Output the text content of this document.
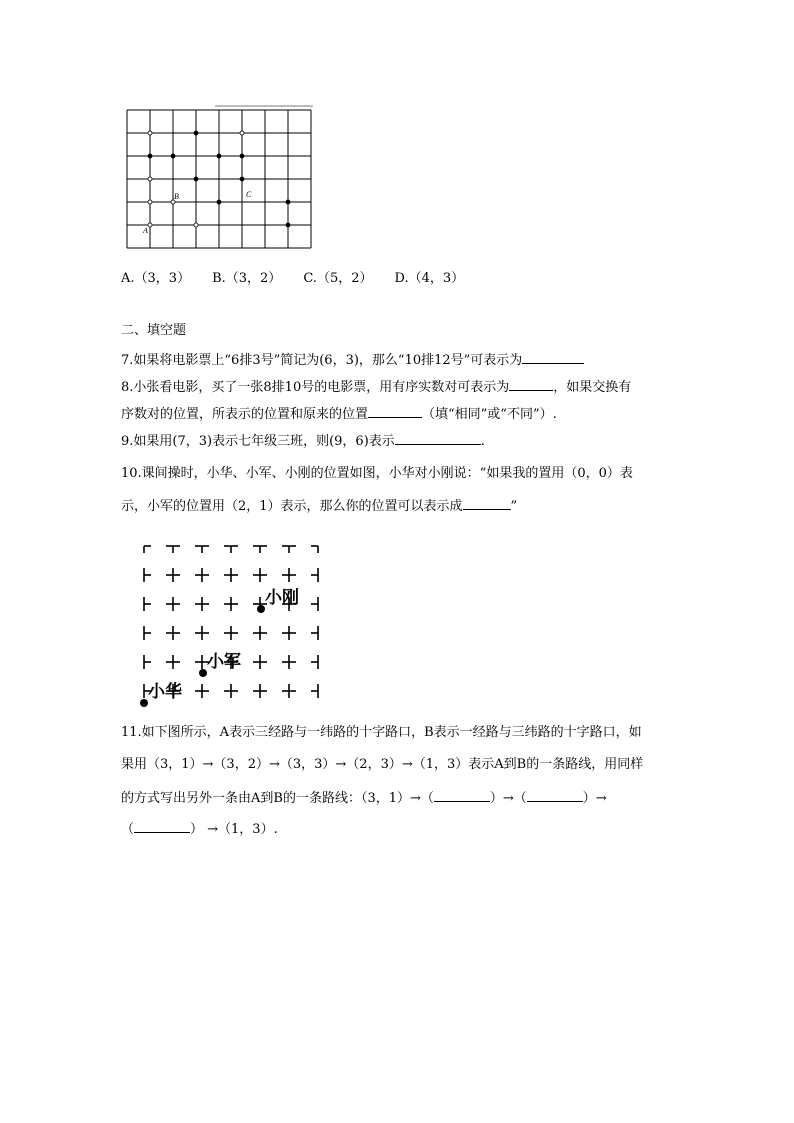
A
B	C
A.（3，3） B.（3，2） C.（5，2） D.（4，3）
二、填空题
7.如果将电影票上“6排3号”简记为(6，3)，那么“10排12号”可表示为
8.小张看电影，买了一张8排10号的电影票，用有序实数对可表示为	，如果交换有
序数对的位置，所表示的位置和原来的位置	（填“相同”或“不同”）.
9.如果用(7，3)表示七年级三班，则(9，6)表示	.
10.课间操时，小华、小军、小刚的位置如图，小华对小刚说：“如果我的置用（0，0）表
示，小军的位置用（2，1）表示，那么你的位置可以表示成	”
小华
小军
小刚
11.如下图所示，A表示三经路与一纬路的十字路口，B表示一经路与三纬路的十字路口，如
果用（3，1）→（3，2）→（3，3）→（2，3）→（1，3）表示A到B的一条路线，用同样
的方式写出另外一条由A到B的一条路线：（3，1）→（	）→（	）→
（	） →（1，3）.
